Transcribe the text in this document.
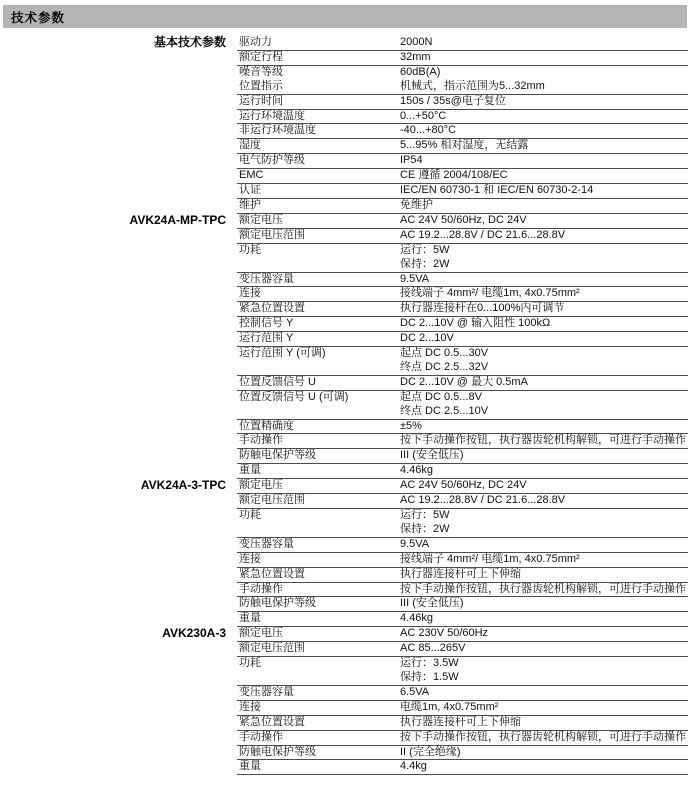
技术参数
基本技术参数	驱动力	2000N
额定行程	32mm
噪音等级	60dB(A)
位置指示	机械式，指示范围为5...32mm
运行时间	150s / 35s@电子复位
运行环境温度	0...+50°C
非运行环境温度	-40...+80°C
湿度	5...95% 相对湿度，无结露
电气防护等级	IP54
EMC	CE 遵循 2004/108/EC
认证	IEC/EN 60730-1 和 IEC/EN 60730-2-14
维护	免维护
AVK24A-MP-TPC	额定电压	AC 24V 50/60Hz, DC 24V
额定电压范围	AC 19.2...28.8V / DC 21.6...28.8V
功耗	运行：5W
保持：2W
变压器容量	9.5VA
连接	接线端子 4mm²/ 电缆1m, 4x0.75mm²
紧急位置设置	执行器连接杆在0...100%内可调节
控制信号 Y	DC 2...10V @ 输入阻性 100kΩ
运行范围 Y	DC 2...10V
运行范围 Y (可调)	起点 DC 0.5...30V
终点 DC 2.5...32V
位置反馈信号 U	DC 2...10V @ 最大 0.5mA
位置反馈信号 U (可调)	起点 DC 0.5...8V
终点 DC 2.5...10V
位置精确度	±5%
手动操作	按下手动操作按钮，执行器齿轮机构解锁，可进行手动操作
防触电保护等级	III (安全低压)
重量	4.46kg
AVK24A-3-TPC	额定电压	AC 24V 50/60Hz, DC 24V
额定电压范围	AC 19.2...28.8V / DC 21.6...28.8V
功耗	运行：5W
保持：2W
变压器容量	9.5VA
连接	接线端子 4mm²/ 电缆1m, 4x0.75mm²
紧急位置设置	执行器连接杆可上下伸缩
手动操作	按下手动操作按钮，执行器齿轮机构解锁，可进行手动操作
防触电保护等级	III (安全低压)
重量	4.46kg
AVK230A-3	额定电压	AC 230V 50/60Hz
额定电压范围	AC 85...265V
功耗	运行：3.5W
保持：1.5W
变压器容量	6.5VA
连接	电缆1m, 4x0.75mm²
紧急位置设置	执行器连接杆可上下伸缩
手动操作	按下手动操作按钮，执行器齿轮机构解锁，可进行手动操作
防触电保护等级	II (完全绝缘)
重量	4.4kg
